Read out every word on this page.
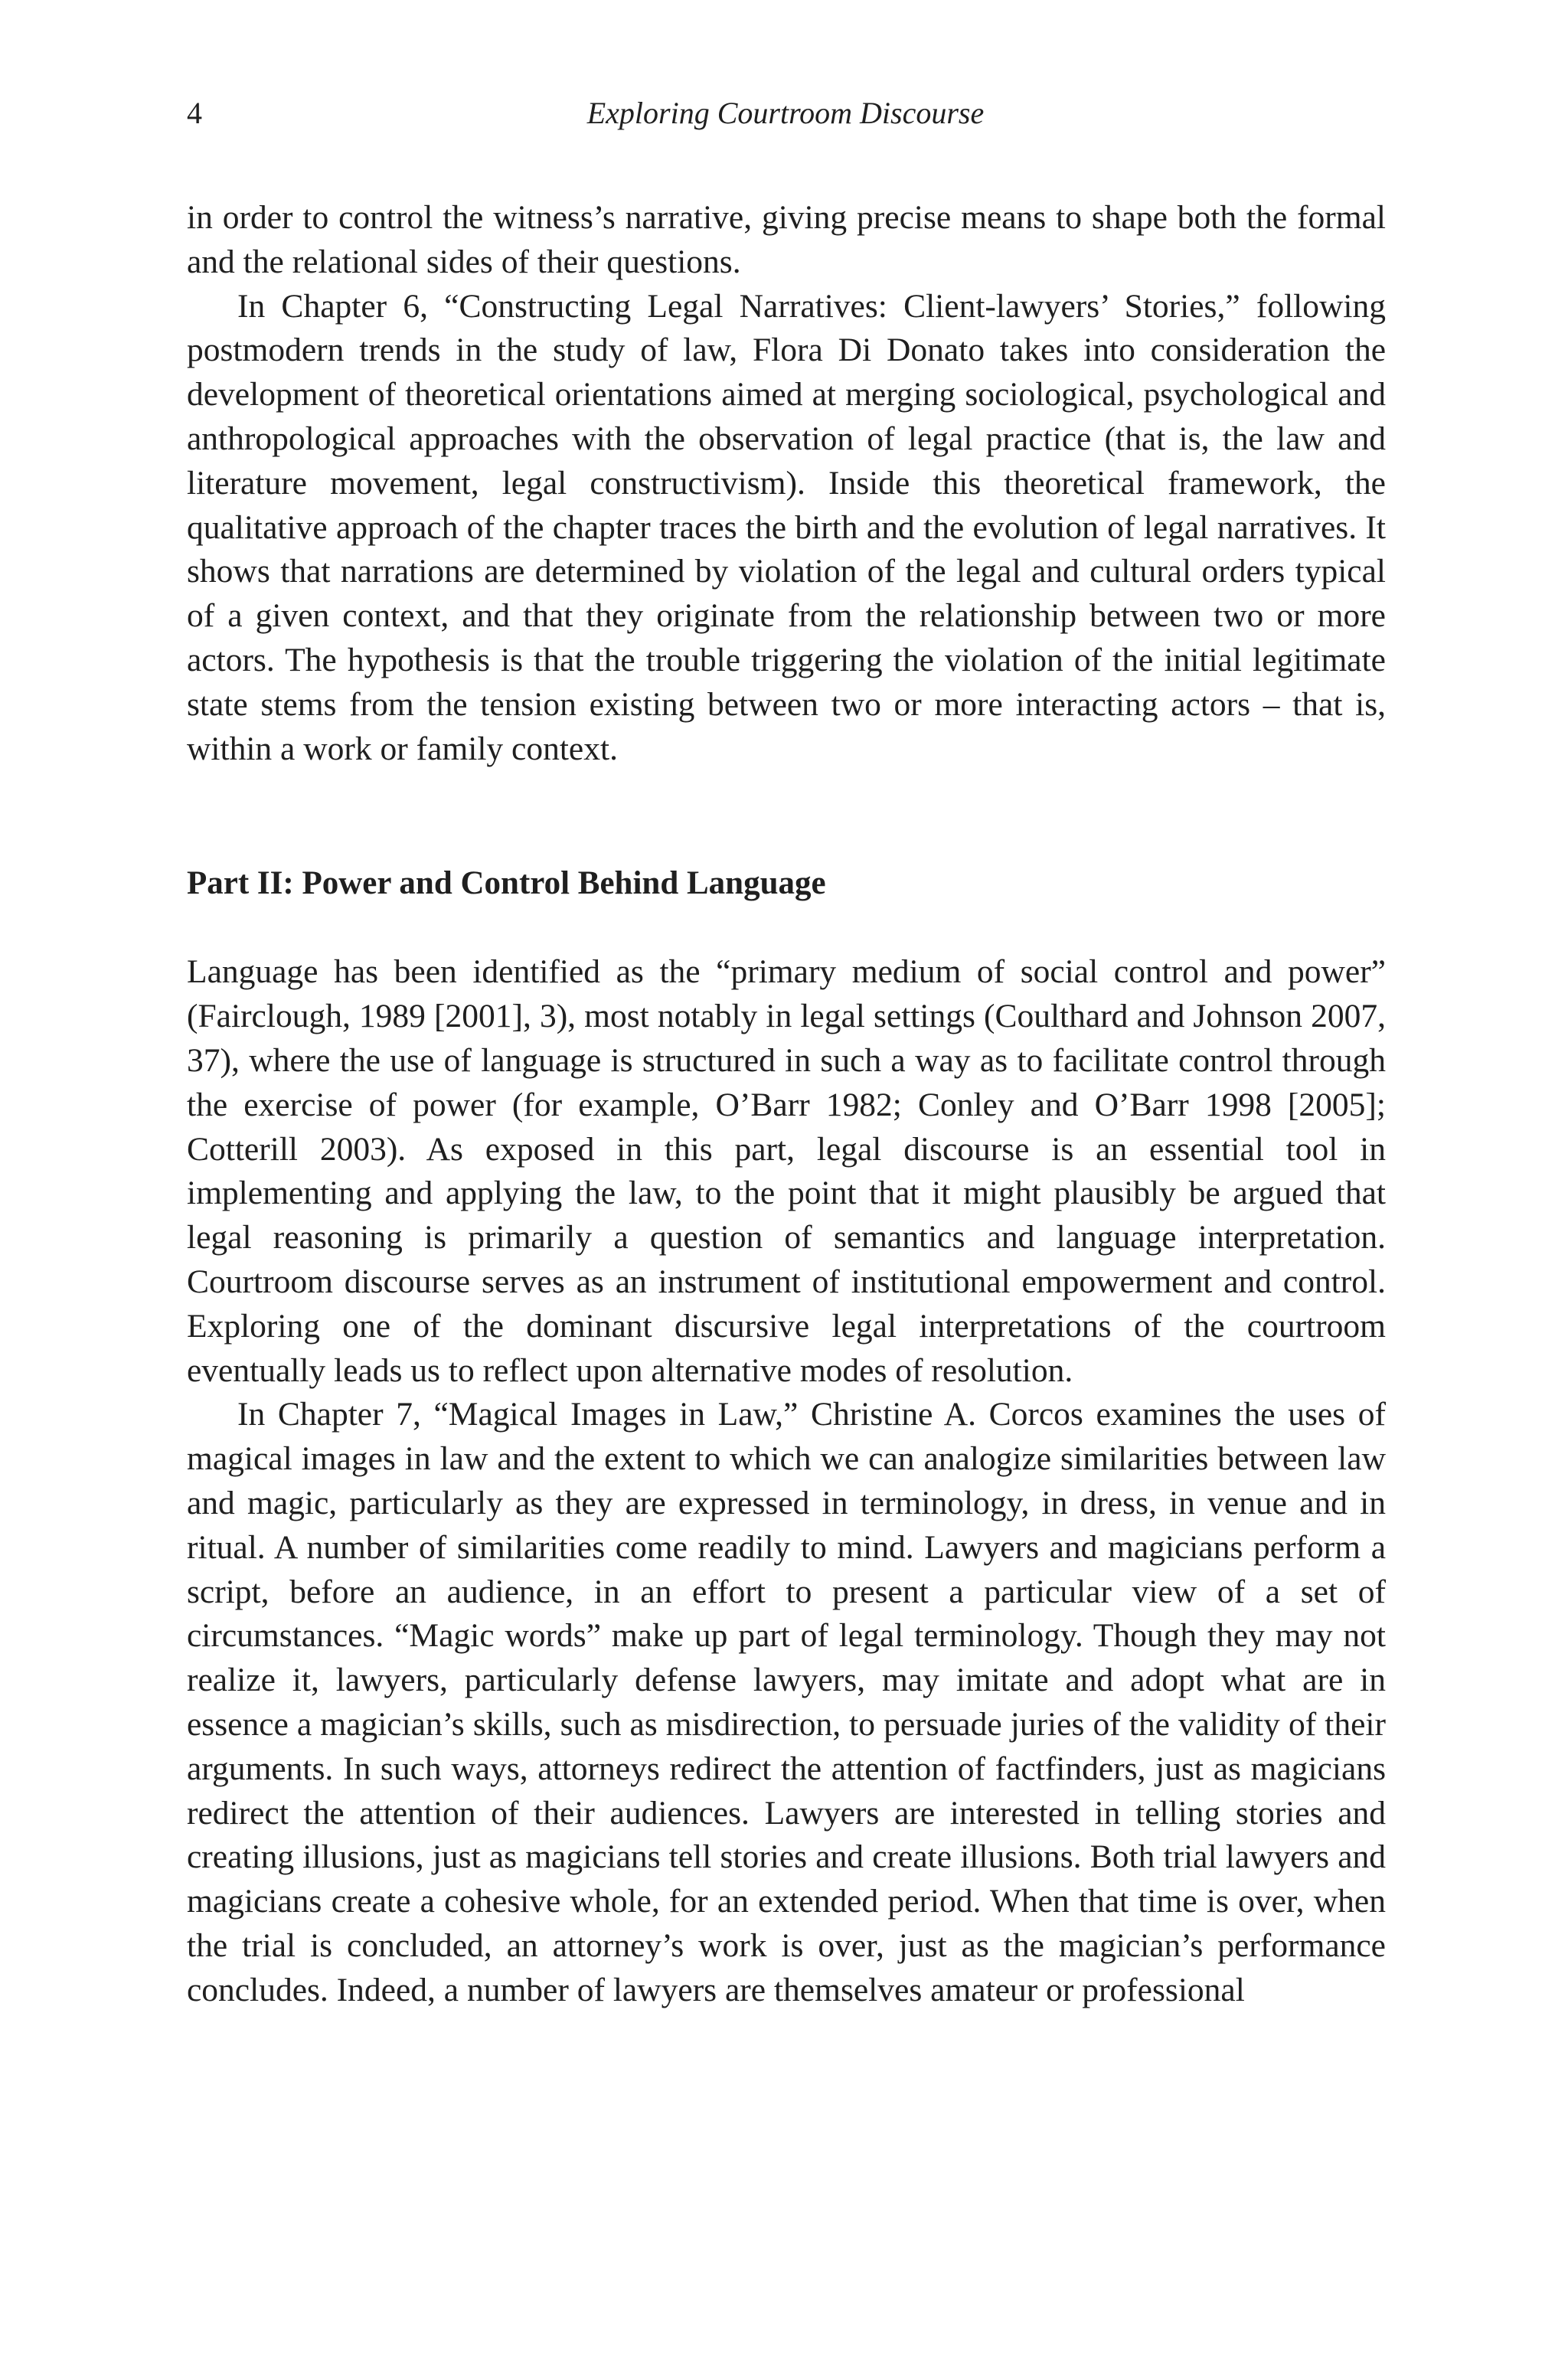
4	Exploring Courtroom Discourse

in order to control the witness’s narrative, giving precise means to shape both the formal and the relational sides of their questions.

In Chapter 6, “Constructing Legal Narratives: Client-lawyers’ Stories,” following postmodern trends in the study of law, Flora Di Donato takes into consideration the development of theoretical orientations aimed at merging sociological, psychological and anthropological approaches with the observation of legal practice (that is, the law and literature movement, legal constructivism). Inside this theoretical framework, the qualitative approach of the chapter traces the birth and the evolution of legal narratives. It shows that narrations are determined by violation of the legal and cultural orders typical of a given context, and that they originate from the relationship between two or more actors. The hypothesis is that the trouble triggering the violation of the initial legitimate state stems from the tension existing between two or more interacting actors – that is, within a work or family context.

Part II: Power and Control Behind Language

Language has been identified as the “primary medium of social control and power” (Fairclough, 1989 [2001], 3), most notably in legal settings (Coulthard and Johnson 2007, 37), where the use of language is structured in such a way as to facilitate control through the exercise of power (for example, O’Barr 1982; Conley and O’Barr 1998 [2005]; Cotterill 2003). As exposed in this part, legal discourse is an essential tool in implementing and applying the law, to the point that it might plausibly be argued that legal reasoning is primarily a question of semantics and language interpretation. Courtroom discourse serves as an instrument of institutional empowerment and control. Exploring one of the dominant discursive legal interpretations of the courtroom eventually leads us to reflect upon alternative modes of resolution.

In Chapter 7, “Magical Images in Law,” Christine A. Corcos examines the uses of magical images in law and the extent to which we can analogize similarities between law and magic, particularly as they are expressed in terminology, in dress, in venue and in ritual. A number of similarities come readily to mind. Lawyers and magicians perform a script, before an audience, in an effort to present a particular view of a set of circumstances. “Magic words” make up part of legal terminology. Though they may not realize it, lawyers, particularly defense lawyers, may imitate and adopt what are in essence a magician’s skills, such as misdirection, to persuade juries of the validity of their arguments. In such ways, attorneys redirect the attention of factfinders, just as magicians redirect the attention of their audiences. Lawyers are interested in telling stories and creating illusions, just as magicians tell stories and create illusions. Both trial lawyers and magicians create a cohesive whole, for an extended period. When that time is over, when the trial is concluded, an attorney’s work is over, just as the magician’s performance concludes. Indeed, a number of lawyers are themselves amateur or professional
